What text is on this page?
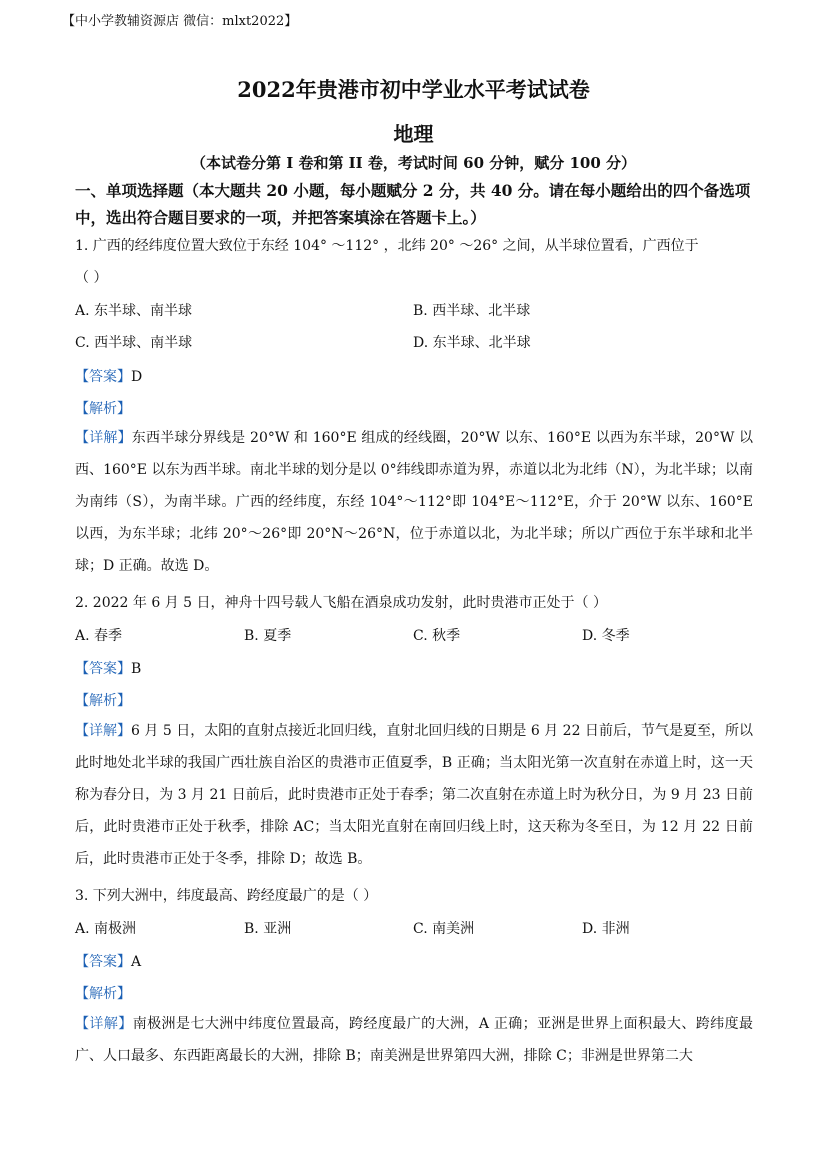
【中小学教辅资源店 微信：mlxt2022】
2022年贵港市初中学业水平考试试卷
地理
（本试卷分第 I 卷和第 II 卷，考试时间 60 分钟，赋分 100 分）
一、单项选择题（本大题共 20 小题，每小题赋分 2 分，共 40 分。请在每小题给出的四个备选项中，选出符合题目要求的一项，并把答案填涂在答题卡上。）
1. 广西的经纬度位置大致位于东经 104° ～112° ，北纬 20° ～26° 之间，从半球位置看，广西位于
（ ）
A. 东半球、南半球	B. 西半球、北半球
C. 西半球、南半球	D. 东半球、北半球
【答案】D
【解析】
【详解】东西半球分界线是 20°W 和 160°E 组成的经线圈，20°W 以东、160°E 以西为东半球，20°W 以西、160°E 以东为西半球。南北半球的划分是以 0°纬线即赤道为界，赤道以北为北纬（N），为北半球；以南为南纬（S），为南半球。广西的经纬度，东经 104°～112°即 104°E～112°E，介于 20°W 以东、160°E 以西，为东半球；北纬 20°～26°即 20°N～26°N，位于赤道以北，为北半球；所以广西位于东半球和北半球；D 正确。故选 D。
2. 2022 年 6 月 5 日，神舟十四号载人飞船在酒泉成功发射，此时贵港市正处于（ ）
A. 春季	B. 夏季	C. 秋季	D. 冬季
【答案】B
【解析】
【详解】6 月 5 日，太阳的直射点接近北回归线，直射北回归线的日期是 6 月 22 日前后，节气是夏至，所以此时地处北半球的我国广西壮族自治区的贵港市正值夏季，B 正确；当太阳光第一次直射在赤道上时，这一天称为春分日，为 3 月 21 日前后，此时贵港市正处于春季；第二次直射在赤道上时为秋分日，为 9 月 23 日前后，此时贵港市正处于秋季，排除 AC；当太阳光直射在南回归线上时，这天称为冬至日，为 12 月 22 日前后，此时贵港市正处于冬季，排除 D；故选 B。
3. 下列大洲中，纬度最高、跨经度最广的是（ ）
A. 南极洲	B. 亚洲	C. 南美洲	D. 非洲
【答案】A
【解析】
【详解】南极洲是七大洲中纬度位置最高，跨经度最广的大洲，A 正确；亚洲是世界上面积最大、跨纬度最广、人口最多、东西距离最长的大洲，排除 B；南美洲是世界第四大洲，排除 C；非洲是世界第二大
